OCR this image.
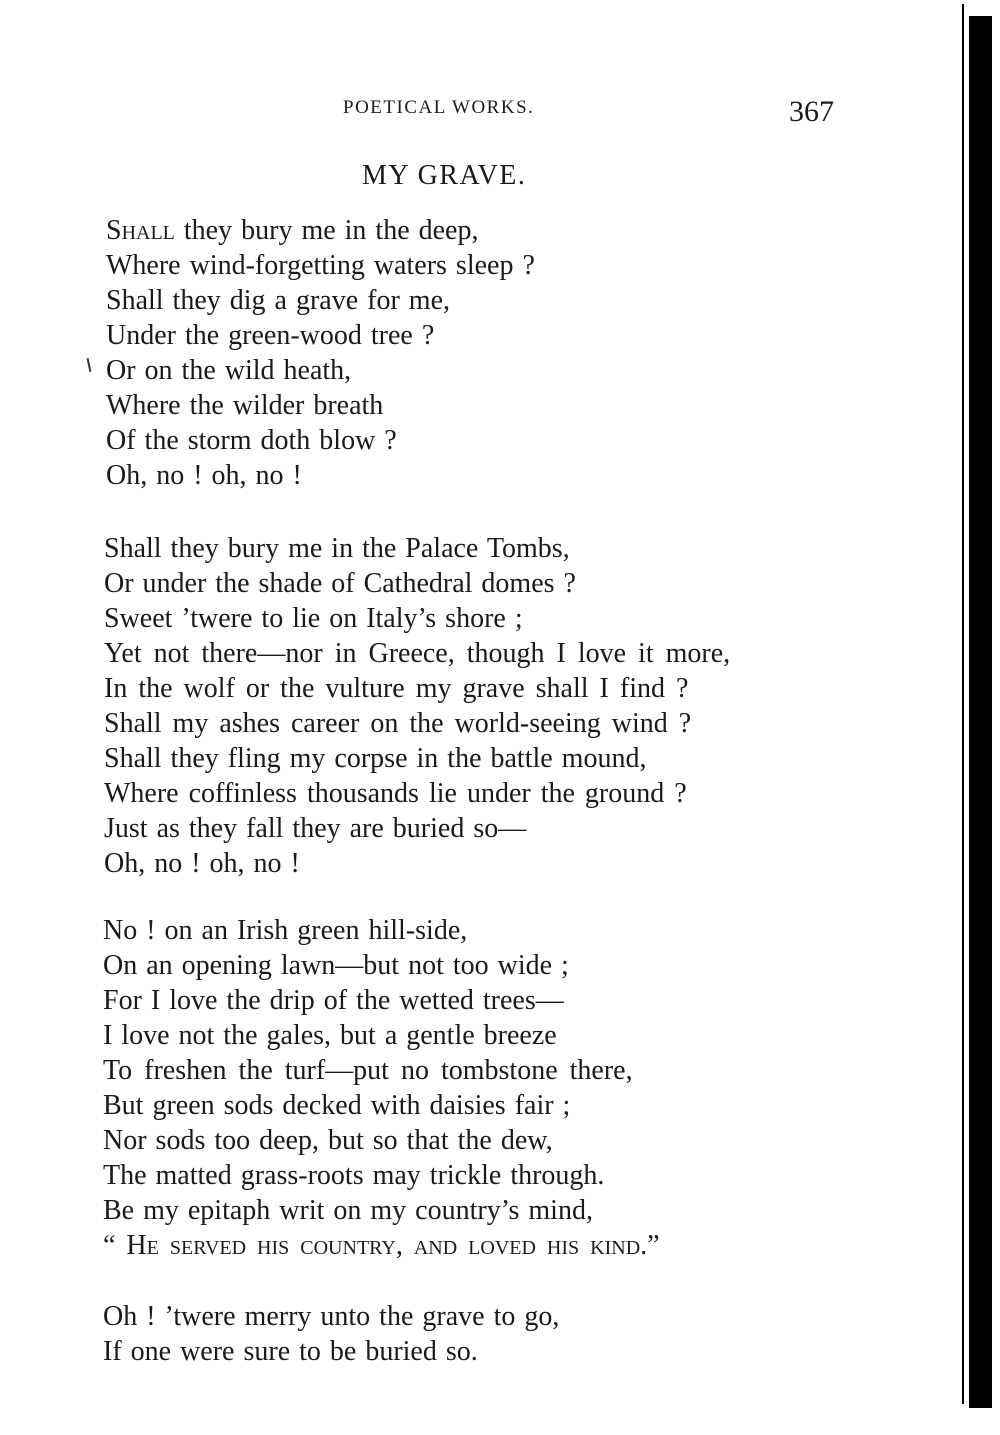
POETICAL WORKS.	367
MY GRAVE.
Shall they bury me in the deep,
Where wind-forgetting waters sleep ?
Shall they dig a grave for me,
Under the green-wood tree ?
Or on the wild heath,
Where the wilder breath
Of the storm doth blow ?
Oh, no ! oh, no !
Shall they bury me in the Palace Tombs,
Or under the shade of Cathedral domes ?
Sweet ’twere to lie on Italy’s shore ;
Yet not there—nor in Greece, though I love it more,
In the wolf or the vulture my grave shall I find ?
Shall my ashes career on the world-seeing wind ?
Shall they fling my corpse in the battle mound,
Where coffinless thousands lie under the ground ?
Just as they fall they are buried so—
Oh, no ! oh, no !
No ! on an Irish green hill-side,
On an opening lawn—but not too wide ;
For I love the drip of the wetted trees—
I love not the gales, but a gentle breeze
To freshen the turf—put no tombstone there,
But green sods decked with daisies fair ;
Nor sods too deep, but so that the dew,
The matted grass-roots may trickle through.
Be my epitaph writ on my country’s mind,
“ He served his country, and loved his kind.”
Oh ! ’twere merry unto the grave to go,
If one were sure to be buried so.
